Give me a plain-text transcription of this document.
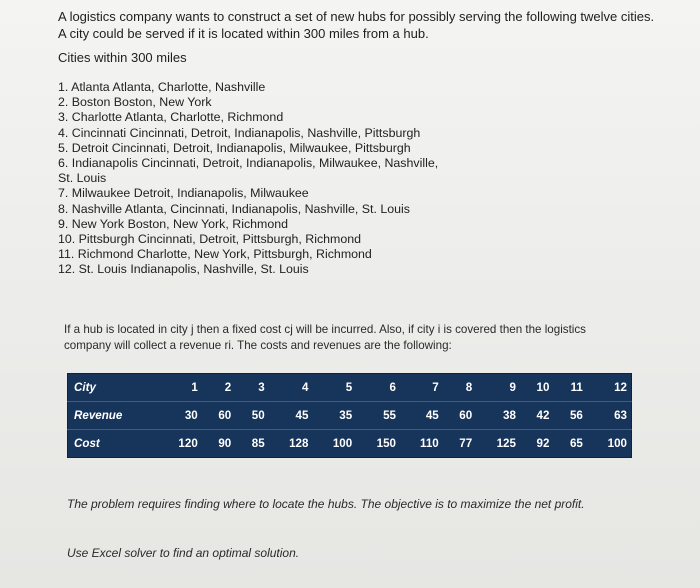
A logistics company wants to construct a set of new hubs for possibly serving the following twelve cities.

A city could be served if it is located within 300 miles from a hub.

Cities within 300 miles
1. Atlanta Atlanta, Charlotte, Nashville
2. Boston Boston, New York
3. Charlotte Atlanta, Charlotte, Richmond
4. Cincinnati Cincinnati, Detroit, Indianapolis, Nashville, Pittsburgh
5. Detroit Cincinnati, Detroit, Indianapolis, Milwaukee, Pittsburgh
6. Indianapolis Cincinnati, Detroit, Indianapolis, Milwaukee, Nashville,
St. Louis
7. Milwaukee Detroit, Indianapolis, Milwaukee
8. Nashville Atlanta, Cincinnati, Indianapolis, Nashville, St. Louis
9. New York Boston, New York, Richmond
10. Pittsburgh Cincinnati, Detroit, Pittsburgh, Richmond
11. Richmond Charlotte, New York, Pittsburgh, Richmond
12. St. Louis Indianapolis, Nashville, St. Louis

If a hub is located in city j then a fixed cost cj will be incurred. Also, if city i is covered then the logistics

company will collect a revenue ri. The costs and revenues are the following:

City	1	2	3	4	5	6	7	8	9	10	11	12
Revenue	30	60	50	45	35	55	45	60	38	42	56	63
Cost	120	90	85	128	100	150	110	77	125	92	65	100
The problem requires finding where to locate the hubs. The objective is to maximize the net profit.
Use Excel solver to find an optimal solution.
